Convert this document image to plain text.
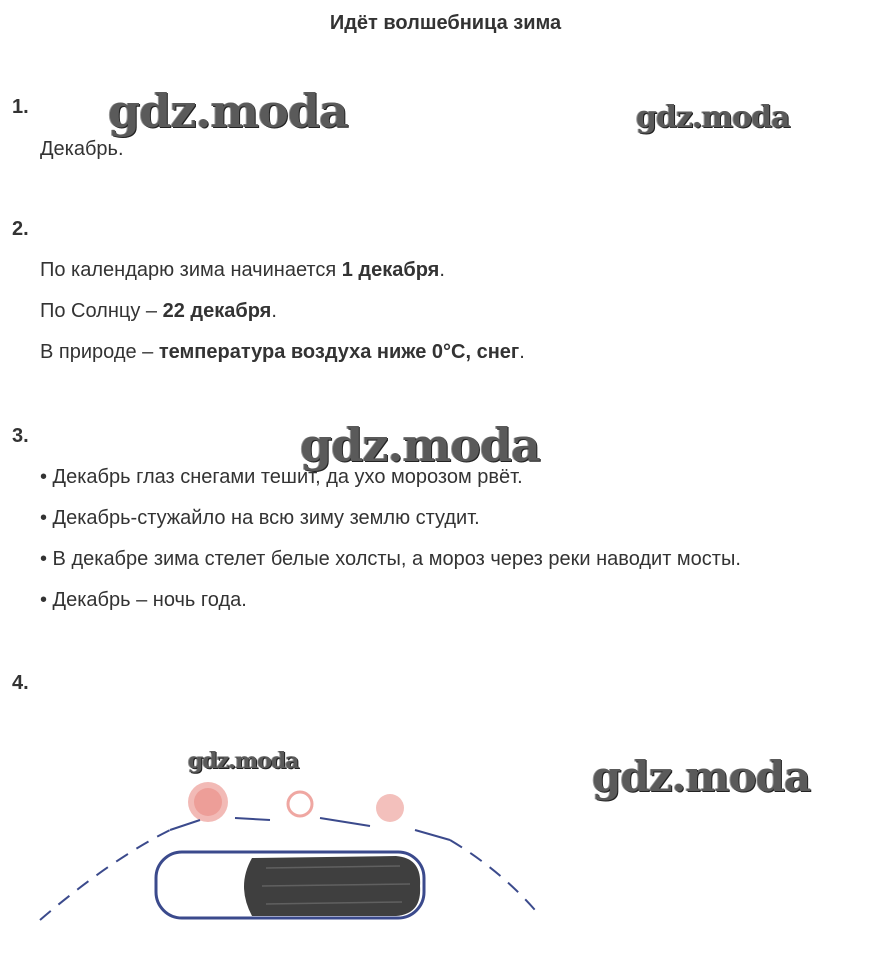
Идёт волшебница зима
1.
Декабрь.
2.
По календарю зима начинается 1 декабря.
По Солнцу – 22 декабря.
В природе – температура воздуха ниже 0°С, снег.
3.
• Декабрь глаз снегами тешит, да ухо морозом рвёт.
• Декабрь-стужайло на всю зиму землю студит.
• В декабре зима стелет белые холсты, а мороз через реки наводит мосты.
• Декабрь – ночь года.
4.
gdz.moda	gdz.moda
gdz.moda
gdz.moda	gdz.moda
